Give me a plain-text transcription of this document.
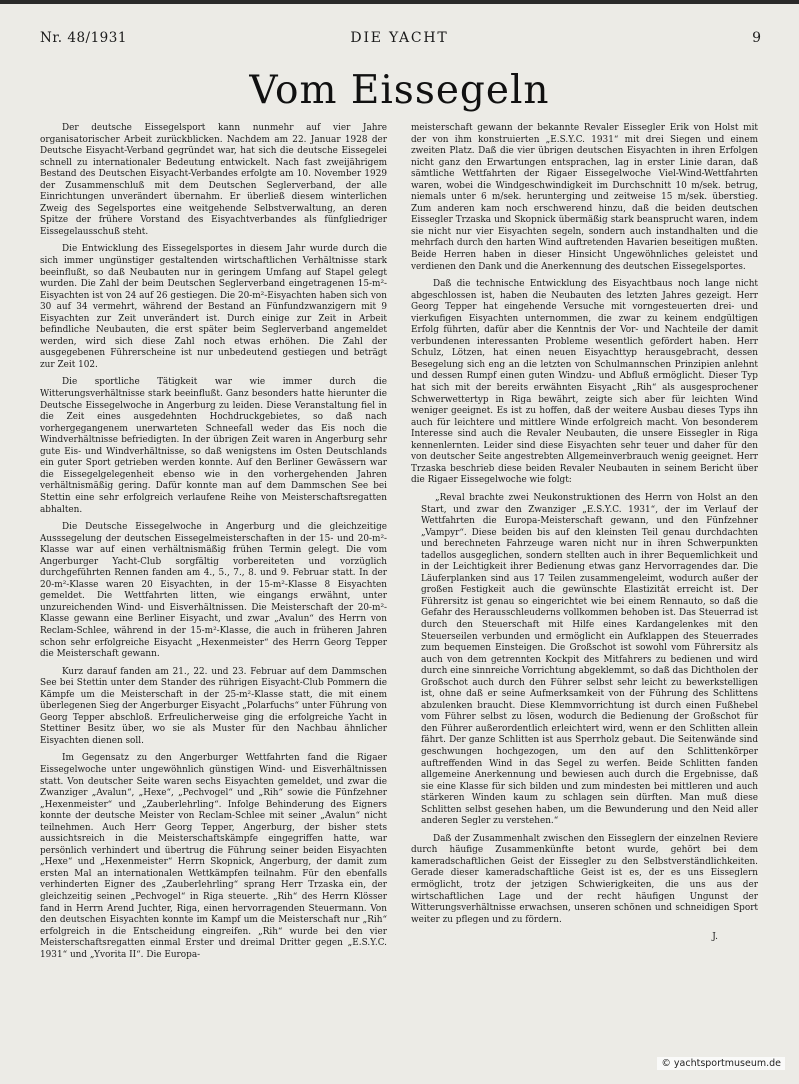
Nr. 48/1931	DIE YACHT	9
Vom Eissegeln

Der deutsche Eissegelsport kann nunmehr auf vier Jahre organisatorischer Arbeit zurückblicken. Nachdem am 22. Januar 1928 der Deutsche Eisyacht-Verband gegründet war, hat sich die deutsche Eissegelei schnell zu internationaler Bedeutung entwickelt. Nach fast zweijährigem Bestand des Deutschen Eisyacht-Verbandes erfolgte am 10. November 1929 der Zusammenschluß mit dem Deutschen Seglerverband, der alle Einrichtungen unverändert übernahm. Er überließ diesem winterlichen Zweig des Segelsportes eine weitgehende Selbstverwaltung, an deren Spitze der frühere Vorstand des Eisyachtverbandes als fünfgliedriger Eissegelausschuß steht.

Die Entwicklung des Eissegelsportes in diesem Jahr wurde durch die sich immer ungünstiger gestaltenden wirtschaftlichen Verhältnisse stark beeinflußt, so daß Neubauten nur in geringem Umfang auf Stapel gelegt wurden. Die Zahl der beim Deutschen Seglerverband eingetragenen 15-m²-Eisyachten ist von 24 auf 26 gestiegen. Die 20-m²-Eisyachten haben sich von 30 auf 34 vermehrt, während der Bestand an Fünfundzwanzigern mit 9 Eisyachten zur Zeit unverändert ist. Durch einige zur Zeit in Arbeit befindliche Neubauten, die erst später beim Seglerverband angemeldet werden, wird sich diese Zahl noch etwas erhöhen. Die Zahl der ausgegebenen Führerscheine ist nur unbedeutend gestiegen und beträgt zur Zeit 102.

Die sportliche Tätigkeit war wie immer durch die Witterungsverhältnisse stark beeinflußt. Ganz besonders hatte hierunter die Deutsche Eissegelwoche in Angerburg zu leiden. Diese Veranstaltung fiel in die Zeit eines ausgedehnten Hochdruckgebietes, so daß nach vorhergegangenem unerwarteten Schneefall weder das Eis noch die Windverhältnisse befriedigten. In der übrigen Zeit waren in Angerburg sehr gute Eis- und Windverhältnisse, so daß wenigstens im Osten Deutschlands ein guter Sport getrieben werden konnte. Auf den Berliner Gewässern war die Eissegelgelegenheit ebenso wie in den vorhergehenden Jahren verhältnismäßig gering. Dafür konnte man auf dem Dammschen See bei Stettin eine sehr erfolgreich verlaufene Reihe von Meisterschaftsregatten abhalten.

Die Deutsche Eissegelwoche in Angerburg und die gleichzeitige Ausssegelung der deutschen Eissegelmeisterschaften in der 15- und 20-m²-Klasse war auf einen verhältnismäßig frühen Termin gelegt. Die vom Angerburger Yacht-Club sorgfältig vorbereiteten und vorzüglich durchgeführten Rennen fanden am 4., 5., 7., 8. und 9. Februar statt. In der 20-m²-Klasse waren 20 Eisyachten, in der 15-m²-Klasse 8 Eisyachten gemeldet. Die Wettfahrten litten, wie eingangs erwähnt, unter unzureichenden Wind- und Eisverhältnissen. Die Meisterschaft der 20-m²-Klasse gewann eine Berliner Eisyacht, und zwar „Avalun“ des Herrn von Reclam-Schlee, während in der 15-m²-Klasse, die auch in früheren Jahren schon sehr erfolgreiche Eisyacht „Hexenmeister“ des Herrn Georg Tepper die Meisterschaft gewann.

Kurz darauf fanden am 21., 22. und 23. Februar auf dem Dammschen See bei Stettin unter dem Stander des rührigen Eisyacht-Club Pommern die Kämpfe um die Meisterschaft in der 25-m²-Klasse statt, die mit einem überlegenen Sieg der Angerburger Eisyacht „Polarfuchs“ unter Führung von Georg Tepper abschloß. Erfreulicherweise ging die erfolgreiche Yacht in Stettiner Besitz über, wo sie als Muster für den Nachbau ähnlicher Eisyachten dienen soll.

Im Gegensatz zu den Angerburger Wettfahrten fand die Rigaer Eissegelwoche unter ungewöhnlich günstigen Wind- und Eisverhältnissen statt. Von deutscher Seite waren sechs Eisyachten gemeldet, und zwar die Zwanziger „Avalun“, „Hexe“, „Pechvogel“ und „Rih“ sowie die Fünfzehner „Hexenmeister“ und „Zauberlehrling“. Infolge Behinderung des Eigners konnte der deutsche Meister von Reclam-Schlee mit seiner „Avalun“ nicht teilnehmen. Auch Herr Georg Tepper, Angerburg, der bisher stets aussichtsreich in die Meisterschaftskämpfe eingegriffen hatte, war persönlich verhindert und übertrug die Führung seiner beiden Eisyachten „Hexe“ und „Hexenmeister“ Herrn Skopnick, Angerburg, der damit zum ersten Mal an internationalen Wettkämpfen teilnahm. Für den ebenfalls verhinderten Eigner des „Zauberlehrling“ sprang Herr Trzaska ein, der gleichzeitig seinen „Pechvogel“ in Riga steuerte. „Rih“ des Herrn Klösser fand in Herrn Arend Juchter, Riga, einen hervorragenden Steuermann. Von den deutschen Eisyachten konnte im Kampf um die Meisterschaft nur „Rih“ erfolgreich in die Entscheidung eingreifen. „Rih“ wurde bei den vier Meisterschaftsregatten einmal Erster und dreimal Dritter gegen „E.S.Y.C. 1931“ und „Yvorita II“. Die Europa-

meisterschaft gewann der bekannte Revaler Eissegler Erik von Holst mit der von ihm konstruierten „E.S.Y.C. 1931“ mit drei Siegen und einem zweiten Platz. Daß die vier übrigen deutschen Eisyachten in ihren Erfolgen nicht ganz den Erwartungen entsprachen, lag in erster Linie daran, daß sämtliche Wettfahrten der Rigaer Eissegelwoche Viel-Wind-Wettfahrten waren, wobei die Windgeschwindigkeit im Durchschnitt 10 m/sek. betrug, niemals unter 6 m/sek. herunterging und zeitweise 15 m/sek. überstieg. Zum anderen kam noch erschwerend hinzu, daß die beiden deutschen Eissegler Trzaska und Skopnick übermäßig stark beansprucht waren, indem sie nicht nur vier Eisyachten segeln, sondern auch instandhalten und die mehrfach durch den harten Wind auftretenden Havarien beseitigen mußten. Beide Herren haben in dieser Hinsicht Ungewöhnliches geleistet und verdienen den Dank und die Anerkennung des deutschen Eissegelsportes.

Daß die technische Entwicklung des Eisyachtbaus noch lange nicht abgeschlossen ist, haben die Neubauten des letzten Jahres gezeigt. Herr Georg Tepper hat eingehende Versuche mit vorngesteuerten drei- und vierkufigen Eisyachten unternommen, die zwar zu keinem endgültigen Erfolg führten, dafür aber die Kenntnis der Vor- und Nachteile der damit verbundenen interessanten Probleme wesentlich gefördert haben. Herr Schulz, Lötzen, hat einen neuen Eisyachttyp herausgebracht, dessen Besegelung sich eng an die letzten von Schulmannschen Prinzipien anlehnt und dessen Rumpf einen guten Windzu- und Abfluß ermöglicht. Dieser Typ hat sich mit der bereits erwähnten Eisyacht „Rih“ als ausgesprochener Schwerwettertyp in Riga bewährt, zeigte sich aber für leichten Wind weniger geeignet. Es ist zu hoffen, daß der weitere Ausbau dieses Typs ihn auch für leichtere und mittlere Winde erfolgreich macht. Von besonderem Interesse sind auch die Revaler Neubauten, die unsere Eissegler in Riga kennenlernten. Leider sind diese Eisyachten sehr teuer und daher für den von deutscher Seite angestrebten Allgemeinverbrauch wenig geeignet. Herr Trzaska beschrieb diese beiden Revaler Neubauten in seinem Bericht über die Rigaer Eissegelwoche wie folgt:

„Reval brachte zwei Neukonstruktionen des Herrn von Holst an den Start, und zwar den Zwanziger „E.S.Y.C. 1931“, der im Verlauf der Wettfahrten die Europa-Meisterschaft gewann, und den Fünfzehner „Vampyr“. Diese beiden bis auf den kleinsten Teil genau durchdachten und berechneten Fahrzeuge waren nicht nur in ihren Schwerpunkten tadellos ausgeglichen, sondern stellten auch in ihrer Bequemlichkeit und in der Leichtigkeit ihrer Bedienung etwas ganz Hervorragendes dar. Die Läuferplanken sind aus 17 Teilen zusammengeleimt, wodurch außer der großen Festigkeit auch die gewünschte Elastizität erreicht ist. Der Führersitz ist genau so eingerichtet wie bei einem Rennauto, so daß die Gefahr des Herausschleuderns vollkommen behoben ist. Das Steuerrad ist durch den Steuerschaft mit Hilfe eines Kardangelenkes mit den Steuerseilen verbunden und ermöglicht ein Aufklappen des Steuerrades zum bequemen Einsteigen. Die Großschot ist sowohl vom Führersitz als auch von dem getrennten Kockpit des Mitfahrers zu bedienen und wird durch eine sinnreiche Vorrichtung abgeklemmt, so daß das Dichtholen der Großschot auch durch den Führer selbst sehr leicht zu bewerkstelligen ist, ohne daß er seine Aufmerksamkeit von der Führung des Schlittens abzulenken braucht. Diese Klemmvorrichtung ist durch einen Fußhebel vom Führer selbst zu lösen, wodurch die Bedienung der Großschot für den Führer außerordentlich erleichtert wird, wenn er den Schlitten allein fährt. Der ganze Schlitten ist aus Sperrholz gebaut. Die Seitenwände sind geschwungen hochgezogen, um den auf den Schlittenkörper auftreffenden Wind in das Segel zu werfen. Beide Schlitten fanden allgemeine Anerkennung und bewiesen auch durch die Ergebnisse, daß sie eine Klasse für sich bilden und zum mindesten bei mittleren und auch stärkeren Winden kaum zu schlagen sein dürften. Man muß diese Schlitten selbst gesehen haben, um die Bewunderung und den Neid aller anderen Segler zu verstehen.“

Daß der Zusammenhalt zwischen den Eisseglern der einzelnen Reviere durch häufige Zusammenkünfte betont wurde, gehört bei dem kameradschaftlichen Geist der Eissegler zu den Selbstverständlichkeiten. Gerade dieser kameradschaftliche Geist ist es, der es uns Eisseglern ermöglicht, trotz der jetzigen Schwierigkeiten, die uns aus der wirtschaftlichen Lage und der recht häufigen Ungunst der Witterungsverhältnisse erwachsen, unseren schönen und schneidigen Sport weiter zu pflegen und zu fördern.

J.

© yachtsportmuseum.de
